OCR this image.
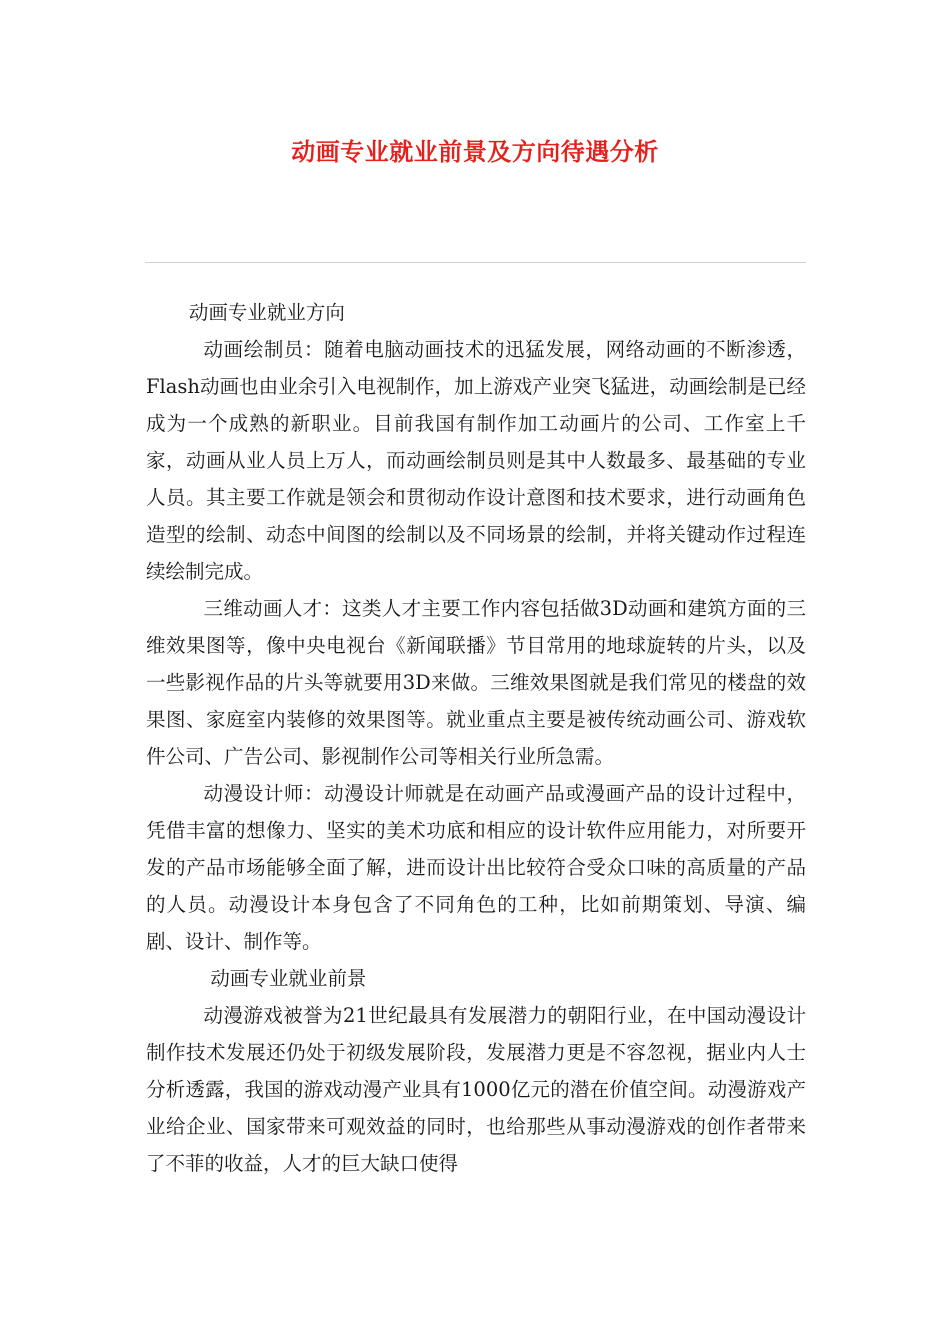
动画专业就业前景及方向待遇分析
动画专业就业方向

动画绘制员：随着电脑动画技术的迅猛发展，网络动画的不断渗透，Flash动画也由业余引入电视制作，加上游戏产业突飞猛进，动画绘制是已经成为一个成熟的新职业。目前我国有制作加工动画片的公司、工作室上千家，动画从业人员上万人，而动画绘制员则是其中人数最多、最基础的专业人员。其主要工作就是领会和贯彻动作设计意图和技术要求，进行动画角色造型的绘制、动态中间图的绘制以及不同场景的绘制，并将关键动作过程连续绘制完成。

三维动画人才：这类人才主要工作内容包括做3D动画和建筑方面的三维效果图等，像中央电视台《新闻联播》节目常用的地球旋转的片头，以及一些影视作品的片头等就要用3D来做。三维效果图就是我们常见的楼盘的效果图、家庭室内装修的效果图等。就业重点主要是被传统动画公司、游戏软件公司、广告公司、影视制作公司等相关行业所急需。

动漫设计师：动漫设计师就是在动画产品或漫画产品的设计过程中，凭借丰富的想像力、坚实的美术功底和相应的设计软件应用能力，对所要开发的产品市场能够全面了解，进而设计出比较符合受众口味的高质量的产品的人员。动漫设计本身包含了不同角色的工种，比如前期策划、导演、编剧、设计、制作等。

动画专业就业前景

动漫游戏被誉为21世纪最具有发展潜力的朝阳行业，在中国动漫设计制作技术发展还仍处于初级发展阶段，发展潜力更是不容忽视，据业内人士分析透露，我国的游戏动漫产业具有1000亿元的潜在价值空间。动漫游戏产业给企业、国家带来可观效益的同时，也给那些从事动漫游戏的创作者带来了不菲的收益，人才的巨大缺口使得
